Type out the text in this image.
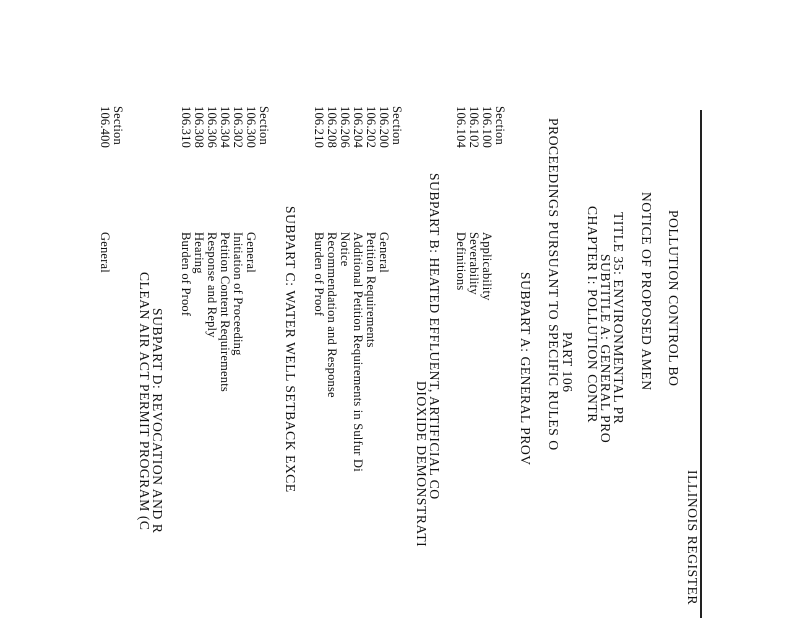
ILLINOIS REGISTER
POLLUTION CONTROL BO
NOTICE OF PROPOSED AMEN
TITLE 35: ENVIRONMENTAL PR
SUBTITLE A: GENERAL PRO
CHAPTER I: POLLUTION CONTR
PART 106
PROCEEDINGS PURSUANT TO SPECIFIC RULES O
SUBPART A: GENERAL PROV
Section
106.100
Applicability
106.102
Severability
106.104
Definitions
SUBPART B: HEATED EFFLUENT, ARTIFICIAL CO
DIOXIDE DEMONSTRATI
Section
106.200
General
106.202
Petition Requirements
106.204
Additional Petition Requirements in Sulfur Di
106.206
Notice
106.208
Recommendation and Response
106.210
Burden of Proof
SUBPART C: WATER WELL SETBACK EXCE
Section
106.300
General
106.302
Initiation of Proceeding
106.304
Petition Content Requirements
106.306
Response and Reply
106.308
Hearing
106.310
Burden of Proof
SUBPART D: REVOCATION AND R
CLEAN AIR ACT PERMIT PROGRAM (C
Section
106.400
General
